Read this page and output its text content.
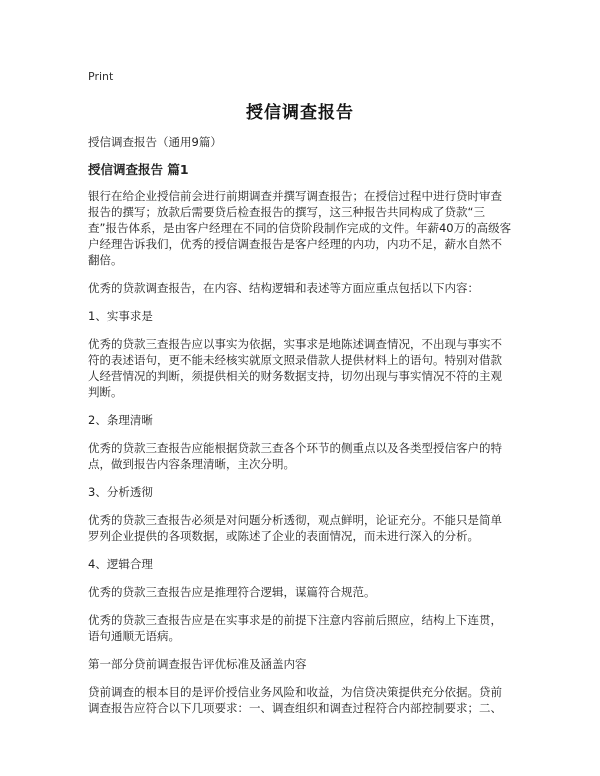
Print
授信调查报告

授信调查报告（通用9篇）

授信调查报告 篇1

银行在给企业授信前会进行前期调查并撰写调查报告；在授信过程中进行贷时审查报告的撰写；放款后需要贷后检查报告的撰写，这三种报告共同构成了贷款“三查”报告体系，是由客户经理在不同的信贷阶段制作完成的文件。年薪40万的高级客户经理告诉我们，优秀的授信调查报告是客户经理的内功，内功不足，薪水自然不翻倍。

优秀的贷款调查报告，在内容、结构逻辑和表述等方面应重点包括以下内容：

1、实事求是

优秀的贷款三查报告应以事实为依据，实事求是地陈述调查情况，不出现与事实不符的表述语句，更不能未经核实就原文照录借款人提供材料上的语句。特别对借款人经营情况的判断，须提供相关的财务数据支持，切勿出现与事实情况不符的主观判断。

2、条理清晰

优秀的贷款三查报告应能根据贷款三查各个环节的侧重点以及各类型授信客户的特点，做到报告内容条理清晰，主次分明。

3、分析透彻

优秀的贷款三查报告必须是对问题分析透彻，观点鲜明，论证充分。不能只是简单罗列企业提供的各项数据，或陈述了企业的表面情况，而未进行深入的分析。

4、逻辑合理

优秀的贷款三查报告应是推理符合逻辑，谋篇符合规范。

优秀的贷款三查报告应是在实事求是的前提下注意内容前后照应，结构上下连贯，语句通顺无语病。

第一部分贷前调查报告评优标准及涵盖内容

贷前调查的根本目的是评价授信业务风险和收益，为信贷决策提供充分依据。贷前调查报告应符合以下几项要求：一、调查组织和调查过程符合内部控制要求；二、
